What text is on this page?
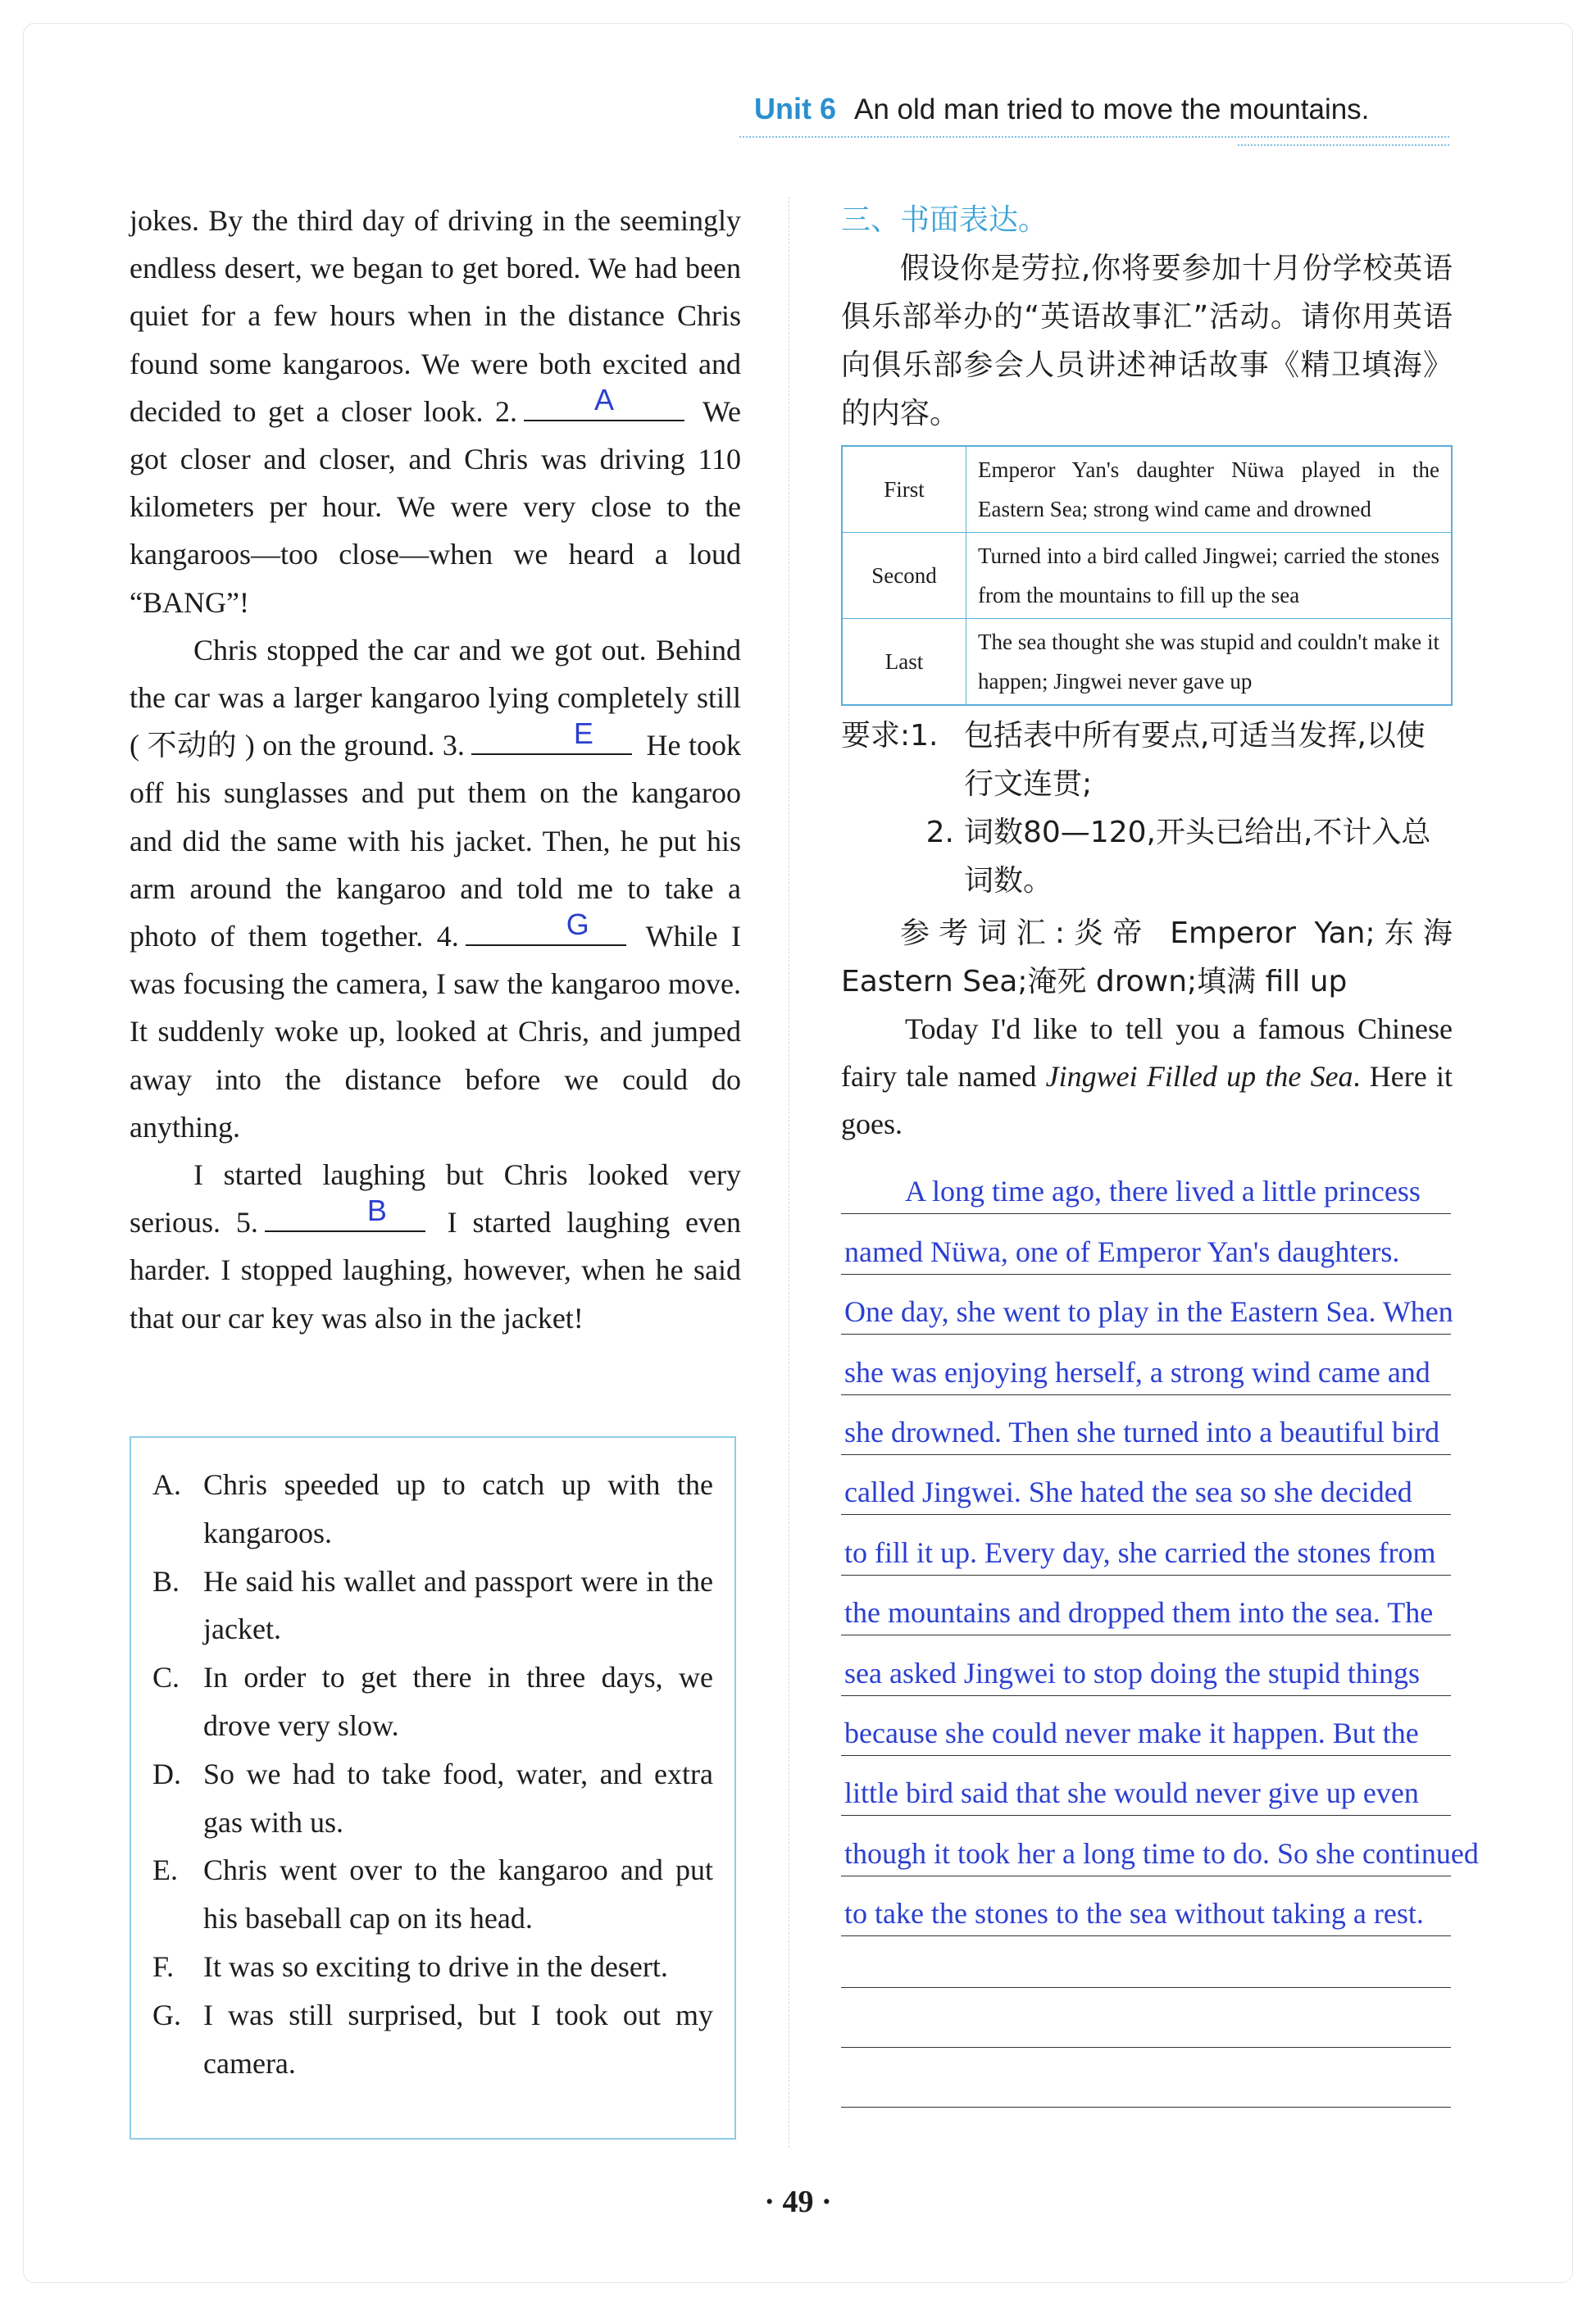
Unit 6 An old man tried to move the mountains.

jokes. By the third day of driving in the seemingly endless desert, we began to get bored. We had been quiet for a few hours when in the distance Chris found some kangaroos. We were both excited and decided to get a closer look. 2.	A	We got closer and closer, and Chris was driving 110 kilometers per hour. We were very close to the kangaroos—too close—when we heard a loud “BANG”!

Chris stopped the car and we got out. Behind the car was a larger kangaroo lying completely still ( 不动的 ) on the ground. 3.	E	He took off his sunglasses and put them on the kangaroo and did the same with his jacket. Then, he put his arm around the kangaroo and told me to take a photo of them together. 4.	G	While I was focusing the camera, I saw the kangaroo move. It suddenly woke up, looked at Chris, and jumped away into the distance before we could do anything.

I started laughing but Chris looked very serious. 5.	B	I started laughing even harder. I stopped laughing, however, when he said that our car key was also in the jacket!

A. Chris speeded up to catch up with the kangaroos.
B. He said his wallet and passport were in the jacket.
C. In order to get there in three days, we drove very slow.
D. So we had to take food, water, and extra gas with us.
E. Chris went over to the kangaroo and put his baseball cap on its head.
F. It was so exciting to drive in the desert.
G. I was still surprised, but I took out my camera.

三、书面表达。

假设你是劳拉,你将要参加十月份学校英语俱乐部举办的“英语故事汇”活动。请你用英语向俱乐部参会人员讲述神话故事《精卫填海》的内容。

First	Emperor Yan's daughter Nüwa played in the Eastern Sea; strong wind came and drowned
Second	Turned into a bird called Jingwei; carried the stones from the mountains to fill up the sea
Last	The sea thought she was stupid and couldn't make it happen; Jingwei never gave up
要求:1. 包括表中所有要点,可适当发挥,以使行文连贯;
2. 词数80—120,开头已给出,不计入总词数。

参考词汇:炎帝 Emperor Yan;东海 Eastern Sea;淹死 drown;填满 fill up

Today I'd like to tell you a famous Chinese fairy tale named Jingwei Filled up the Sea. Here it goes.

A long time ago, there lived a little princess
named Nüwa, one of Emperor Yan's daughters.
One day, she went to play in the Eastern Sea. When
she was enjoying herself, a strong wind came and
she drowned. Then she turned into a beautiful bird
called Jingwei. She hated the sea so she decided
to fill it up. Every day, she carried the stones from
the mountains and dropped them into the sea. The
sea asked Jingwei to stop doing the stupid things
because she could never make it happen. But the
little bird said that she would never give up even
though it took her a long time to do. So she continued
to take the stones to the sea without taking a rest.
· 49 ·
